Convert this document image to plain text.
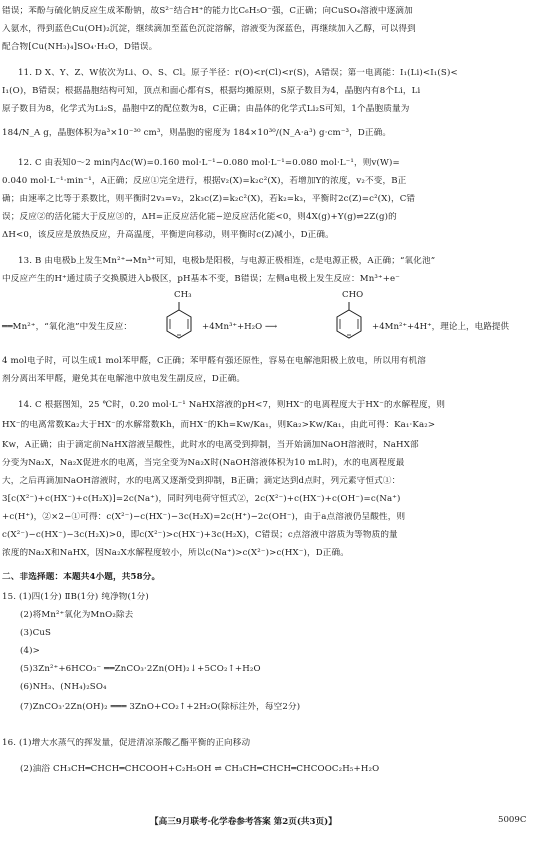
错误；苯酚与硫化钠反应生成苯酚钠，故S²⁻结合H⁺的能力比C₆H₅O⁻强，C正确；向CuSO₄溶液中逐滴加
入氨水，得到蓝色Cu(OH)₂沉淀，继续滴加至蓝色沉淀溶解，溶液变为深蓝色，再继续加入乙醇，可以得到
配合物[Cu(NH₃)₄]SO₄·H₂O，D错误。
11. D X、Y、Z、W依次为Li、O、S、Cl。原子半径：r(O)<r(Cl)<r(S)，A错误；第一电离能：I₁(Li)<I₁(S)<
I₁(O)，B错误；根据晶胞结构可知，顶点和面心都有S，根据均摊原则，S原子数目为4，晶胞内有8个Li，Li
原子数目为8，化学式为Li₂S，晶胞中Z的配位数为8，C正确；由晶体的化学式Li₂S可知，1个晶胞质量为
184/N_A g，晶胞体积为a³×10⁻³⁰ cm³，则晶胞的密度为 184×10³⁰/(N_A·a³) g·cm⁻³，D正确。
12. C 由表知0～2 min内Δc(W)=0.160 mol·L⁻¹−0.080 mol·L⁻¹=0.080 mol·L⁻¹，则v(W)=
0.040 mol·L⁻¹·min⁻¹，A正确；反应①完全进行，根据v₂(X)=k₂c²(X)，若增加Y的浓度，v₂不变，B正
确；由速率之比等于系数比，则平衡时2v₃=v₂，2k₃c(Z)=k₂c²(X)，若k₂=k₃，平衡时2c(Z)=c²(X)，C错
误；反应②的活化能大于反应③的，ΔH=正反应活化能−逆反应活化能<0，则4X(g)+Y(g)⇌2Z(g)的
ΔH<0，该反应是放热反应，升高温度，平衡逆向移动，则平衡时c(Z)减小，D正确。
13. B 由电极b上发生Mn²⁺→Mn³⁺可知，电极b是阳极，与电源正极相连，c是电源正极，A正确；“氧化池”
中反应产生的H⁺通过质子交换膜进入b极区，pH基本不变，B错误；左侧a电极上发生反应：Mn³⁺+e⁻
══Mn²⁺，“氧化池”中发生反应：
CH₃
+4Mn³⁺+H₂O ⟶
CHO
+4Mn²⁺+4H⁺，理论上，电路提供
4 mol电子时，可以生成1 mol苯甲醛，C正确；苯甲醛有强还原性，容易在电解池阳极上放电，所以用有机溶
剂分离出苯甲醛，避免其在电解池中放电发生副反应，D正确。
14. C 根据图知，25 ℃时，0.20 mol·L⁻¹ NaHX溶液的pH<7，则HX⁻的电离程度大于HX⁻的水解程度，则
HX⁻的电离常数Ka₂大于HX⁻的水解常数Kh，而HX⁻的Kh=Kw/Ka₁，则Ka₂>Kw/Ka₁，由此可得：Ka₁·Ka₂>
Kw，A正确；由于滴定前NaHX溶液呈酸性，此时水的电离受到抑制，当开始滴加NaOH溶液时，NaHX部
分变为Na₂X，Na₂X促进水的电离，当完全变为Na₂X时(NaOH溶液体积为10 mL时)，水的电离程度最
大，之后再滴加NaOH溶液时，水的电离又逐渐受到抑制，B正确；滴定达到d点时，列元素守恒式①：
3[c(X²⁻)+c(HX⁻)+c(H₂X)]=2c(Na⁺)，同时列电荷守恒式②，2c(X²⁻)+c(HX⁻)+c(OH⁻)=c(Na⁺)
+c(H⁺)，②×2−①可得：c(X²⁻)−c(HX⁻)−3c(H₂X)=2c(H⁺)−2c(OH⁻)，由于a点溶液仍呈酸性，则
c(X²⁻)−c(HX⁻)−3c(H₂X)>0，即c(X²⁻)>c(HX⁻)+3c(H₂X)，C错误；c点溶液中溶质为等物质的量
浓度的Na₂X和NaHX，因Na₂X水解程度较小，所以c(Na⁺)>c(X²⁻)>c(HX⁻)，D正确。
二、非选择题：本题共4小题，共58分。
15. (1)四(1分) ⅡB(1分) 纯净物(1分)
(2)将Mn²⁺氧化为MnO₂除去
(3)CuS
(4)>
(5)3Zn²⁺+6HCO₃⁻ ══ZnCO₃·2Zn(OH)₂↓+5CO₂↑+H₂O
(6)NH₃、(NH₄)₂SO₄
(7)ZnCO₃·2Zn(OH)₂ ═══ 3ZnO+CO₂↑+2H₂O(除标注外，每空2分)
16. (1)增大水蒸气的挥发量，促进清凉茶酸乙酯平衡的正向移动
(2)油浴 CH₃CH═CHCH═CHCOOH+C₂H₅OH ⇌ CH₃CH═CHCH═CHCOOC₂H₅+H₂O
【高三9月联考·化学卷参考答案 第2页(共3页)】	5009C
